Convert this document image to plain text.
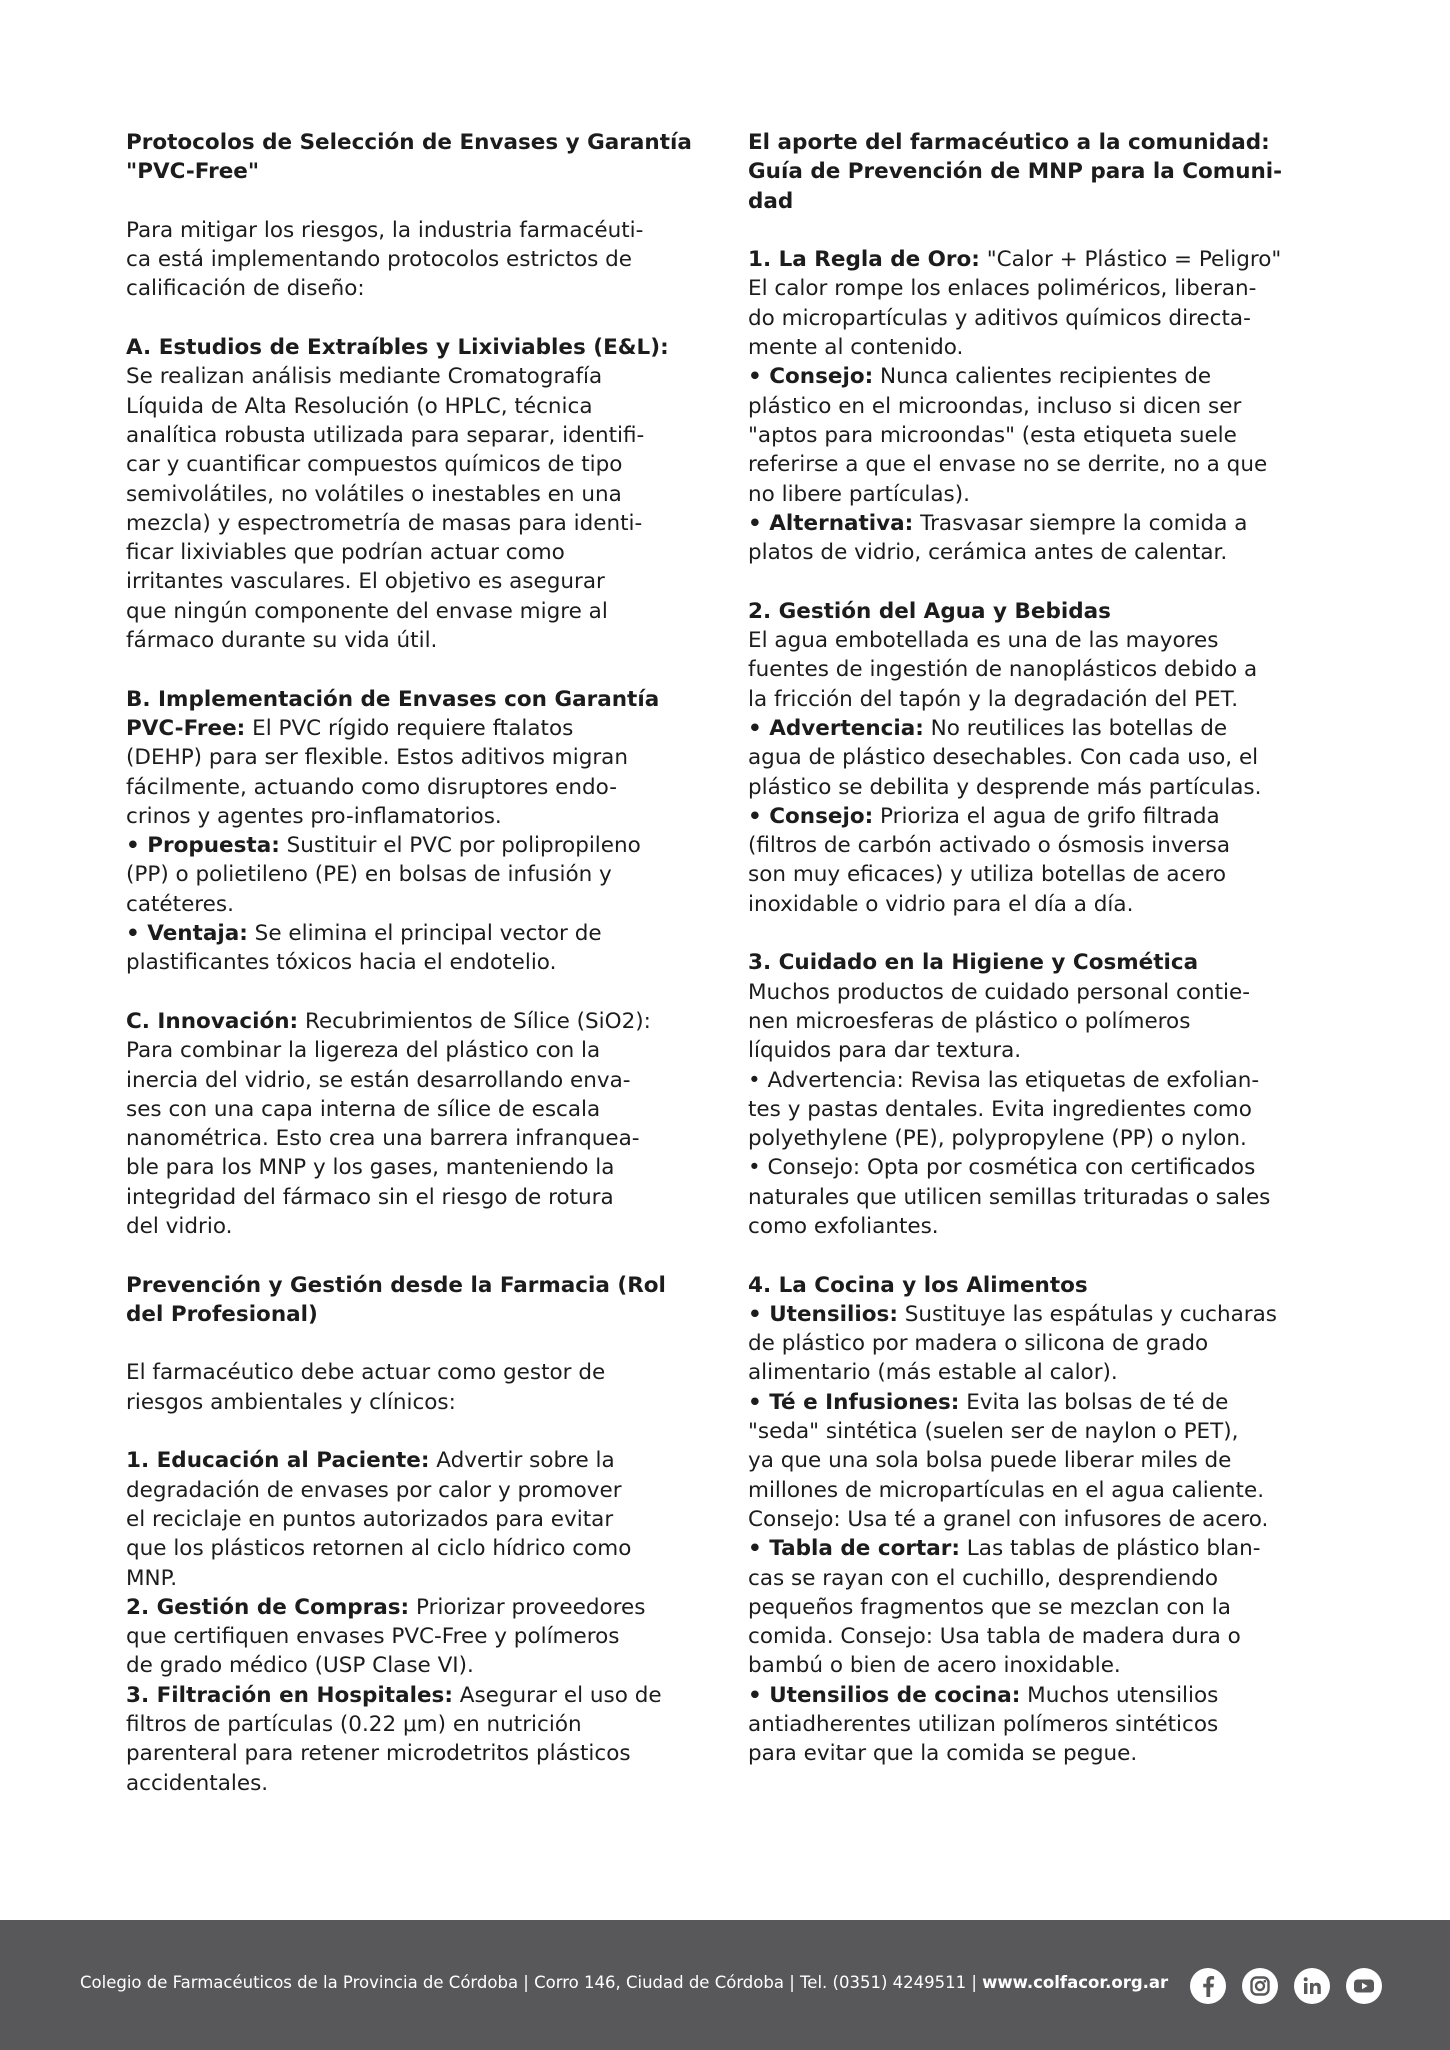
Protocolos de Selección de Envases y Garantía
"PVC-Free"
Para mitigar los riesgos, la industria farmacéuti-
ca está implementando protocolos estrictos de
calificación de diseño:
A. Estudios de Extraíbles y Lixiviables (E&L):
Se realizan análisis mediante Cromatografía
Líquida de Alta Resolución (o HPLC, técnica
analítica robusta utilizada para separar, identifi-
car y cuantificar compuestos químicos de tipo
semivolátiles, no volátiles o inestables en una
mezcla) y espectrometría de masas para identi-
ficar lixiviables que podrían actuar como
irritantes vasculares. El objetivo es asegurar
que ningún componente del envase migre al
fármaco durante su vida útil.
B. Implementación de Envases con Garantía
PVC-Free: El PVC rígido requiere ftalatos
(DEHP) para ser flexible. Estos aditivos migran
fácilmente, actuando como disruptores endo-
crinos y agentes pro-inflamatorios.
• Propuesta: Sustituir el PVC por polipropileno
(PP) o polietileno (PE) en bolsas de infusión y
catéteres.
• Ventaja: Se elimina el principal vector de
plastificantes tóxicos hacia el endotelio.
C. Innovación: Recubrimientos de Sílice (SiO2):
Para combinar la ligereza del plástico con la
inercia del vidrio, se están desarrollando enva-
ses con una capa interna de sílice de escala
nanométrica. Esto crea una barrera infranquea-
ble para los MNP y los gases, manteniendo la
integridad del fármaco sin el riesgo de rotura
del vidrio.
Prevención y Gestión desde la Farmacia (Rol
del Profesional)
El farmacéutico debe actuar como gestor de
riesgos ambientales y clínicos:
1. Educación al Paciente: Advertir sobre la
degradación de envases por calor y promover
el reciclaje en puntos autorizados para evitar
que los plásticos retornen al ciclo hídrico como
MNP.
2. Gestión de Compras: Priorizar proveedores
que certifiquen envases PVC-Free y polímeros
de grado médico (USP Clase VI).
3. Filtración en Hospitales: Asegurar el uso de
filtros de partículas (0.22 μm) en nutrición
parenteral para retener microdetritos plásticos
accidentales.
El aporte del farmacéutico a la comunidad:
Guía de Prevención de MNP para la Comuni-
dad
1. La Regla de Oro: "Calor + Plástico = Peligro"
El calor rompe los enlaces poliméricos, liberan-
do micropartículas y aditivos químicos directa-
mente al contenido.
• Consejo: Nunca calientes recipientes de
plástico en el microondas, incluso si dicen ser
"aptos para microondas" (esta etiqueta suele
referirse a que el envase no se derrite, no a que
no libere partículas).
• Alternativa: Trasvasar siempre la comida a
platos de vidrio, cerámica antes de calentar.
2. Gestión del Agua y Bebidas
El agua embotellada es una de las mayores
fuentes de ingestión de nanoplásticos debido a
la fricción del tapón y la degradación del PET.
• Advertencia: No reutilices las botellas de
agua de plástico desechables. Con cada uso, el
plástico se debilita y desprende más partículas.
• Consejo: Prioriza el agua de grifo filtrada
(filtros de carbón activado o ósmosis inversa
son muy eficaces) y utiliza botellas de acero
inoxidable o vidrio para el día a día.
3. Cuidado en la Higiene y Cosmética
Muchos productos de cuidado personal contie-
nen microesferas de plástico o polímeros
líquidos para dar textura.
• Advertencia: Revisa las etiquetas de exfolian-
tes y pastas dentales. Evita ingredientes como
polyethylene (PE), polypropylene (PP) o nylon.
• Consejo: Opta por cosmética con certificados
naturales que utilicen semillas trituradas o sales
como exfoliantes.
4. La Cocina y los Alimentos
• Utensilios: Sustituye las espátulas y cucharas
de plástico por madera o silicona de grado
alimentario (más estable al calor).
• Té e Infusiones: Evita las bolsas de té de
"seda" sintética (suelen ser de naylon o PET),
ya que una sola bolsa puede liberar miles de
millones de micropartículas en el agua caliente.
Consejo: Usa té a granel con infusores de acero.
• Tabla de cortar: Las tablas de plástico blan-
cas se rayan con el cuchillo, desprendiendo
pequeños fragmentos que se mezclan con la
comida. Consejo: Usa tabla de madera dura o
bambú o bien de acero inoxidable.
• Utensilios de cocina: Muchos utensilios
antiadherentes utilizan polímeros sintéticos
para evitar que la comida se pegue.
Colegio de Farmacéuticos de la Provincia de Córdoba | Corro 146, Ciudad de Córdoba | Tel. (0351) 4249511 | www.colfacor.org.ar
